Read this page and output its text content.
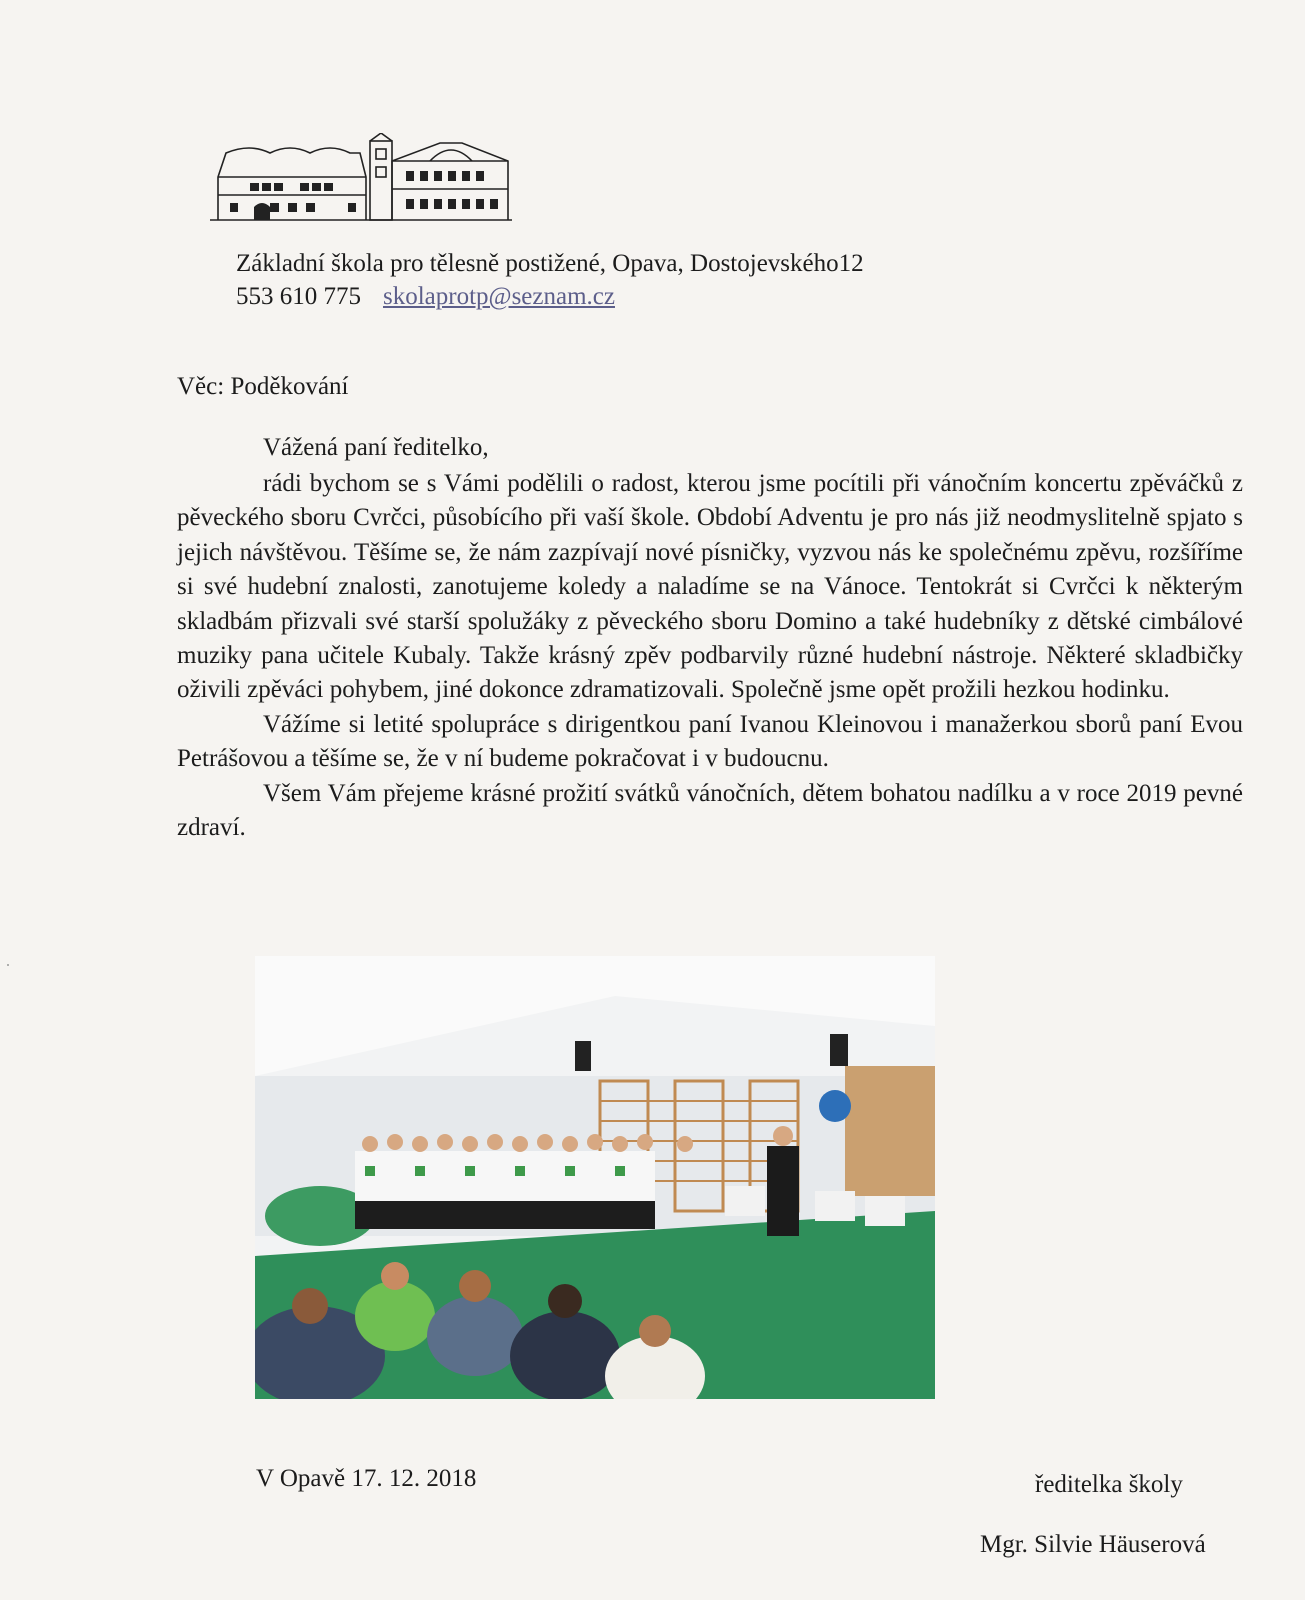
Základní škola pro tělesně postižené, Opava, Dostojevského12
553 610 775 skolaprotp@seznam.cz
Věc: Poděkování
Vážená paní ředitelko,

rádi bychom se s Vámi podělili o radost, kterou jsme pocítili při vánočním koncertu zpěváčků z pěveckého sboru Cvrčci, působícího při vaší škole. Období Adventu je pro nás již neodmyslitelně spjato s jejich návštěvou. Těšíme se, že nám zazpívají nové písničky, vyzvou nás ke společnému zpěvu, rozšíříme si své hudební znalosti, zanotujeme koledy a naladíme se na Vánoce. Tentokrát si Cvrčci k některým skladbám přizvali své starší spolužáky z pěveckého sboru Domino a také hudebníky z dětské cimbálové muziky pana učitele Kubaly. Takže krásný zpěv podbarvily různé hudební nástroje. Některé skladbičky oživili zpěváci pohybem, jiné dokonce zdramatizovali. Společně jsme opět prožili hezkou hodinku.

Vážíme si letité spolupráce s dirigentkou paní Ivanou Kleinovou i manažerkou sborů paní Evou Petrášovou a těšíme se, že v ní budeme pokračovat i v budoucnu.

Všem Vám přejeme krásné prožití svátků vánočních, dětem bohatou nadílku a v roce 2019 pevné zdraví.

V Opavě 17. 12. 2018	ředitelka školy
Mgr. Silvie Häuserová
